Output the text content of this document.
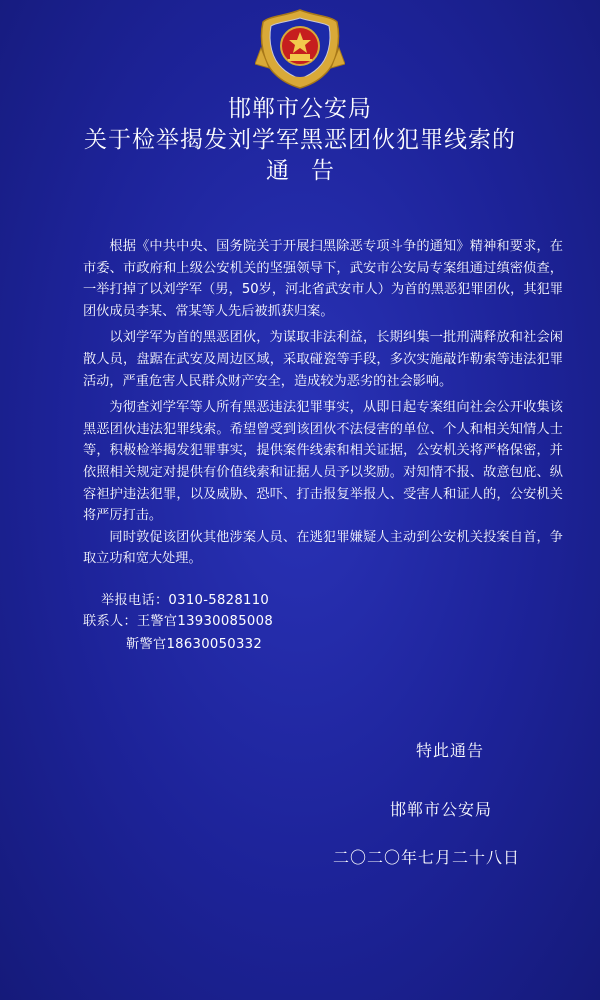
邯郸市公安局
关于检举揭发刘学军黑恶团伙犯罪线索的
通告

根据《中共中央、国务院关于开展扫黑除恶专项斗争的通知》精神和要求，在市委、市政府和上级公安机关的坚强领导下，武安市公安局专案组通过缜密侦查，一举打掉了以刘学军（男，50岁，河北省武安市人）为首的黑恶犯罪团伙，其犯罪团伙成员李某、常某等人先后被抓获归案。

以刘学军为首的黑恶团伙，为谋取非法利益，长期纠集一批刑满释放和社会闲散人员，盘踞在武安及周边区域，采取碰瓷等手段，多次实施敲诈勒索等违法犯罪活动，严重危害人民群众财产安全，造成较为恶劣的社会影响。

为彻查刘学军等人所有黑恶违法犯罪事实，从即日起专案组向社会公开收集该黑恶团伙违法犯罪线索。希望曾受到该团伙不法侵害的单位、个人和相关知情人士等，积极检举揭发犯罪事实，提供案件线索和相关证据，公安机关将严格保密，并依照相关规定对提供有价值线索和证据人员予以奖励。对知情不报、故意包庇、纵容袒护违法犯罪，以及威胁、恐吓、打击报复举报人、受害人和证人的，公安机关将严厉打击。

同时敦促该团伙其他涉案人员、在逃犯罪嫌疑人主动到公安机关投案自首，争取立功和宽大处理。

举报电话：0310-5828110
联系人：王警官13930085008
靳警官18630050332
特此通告
邯郸市公安局
二〇二〇年七月二十八日
